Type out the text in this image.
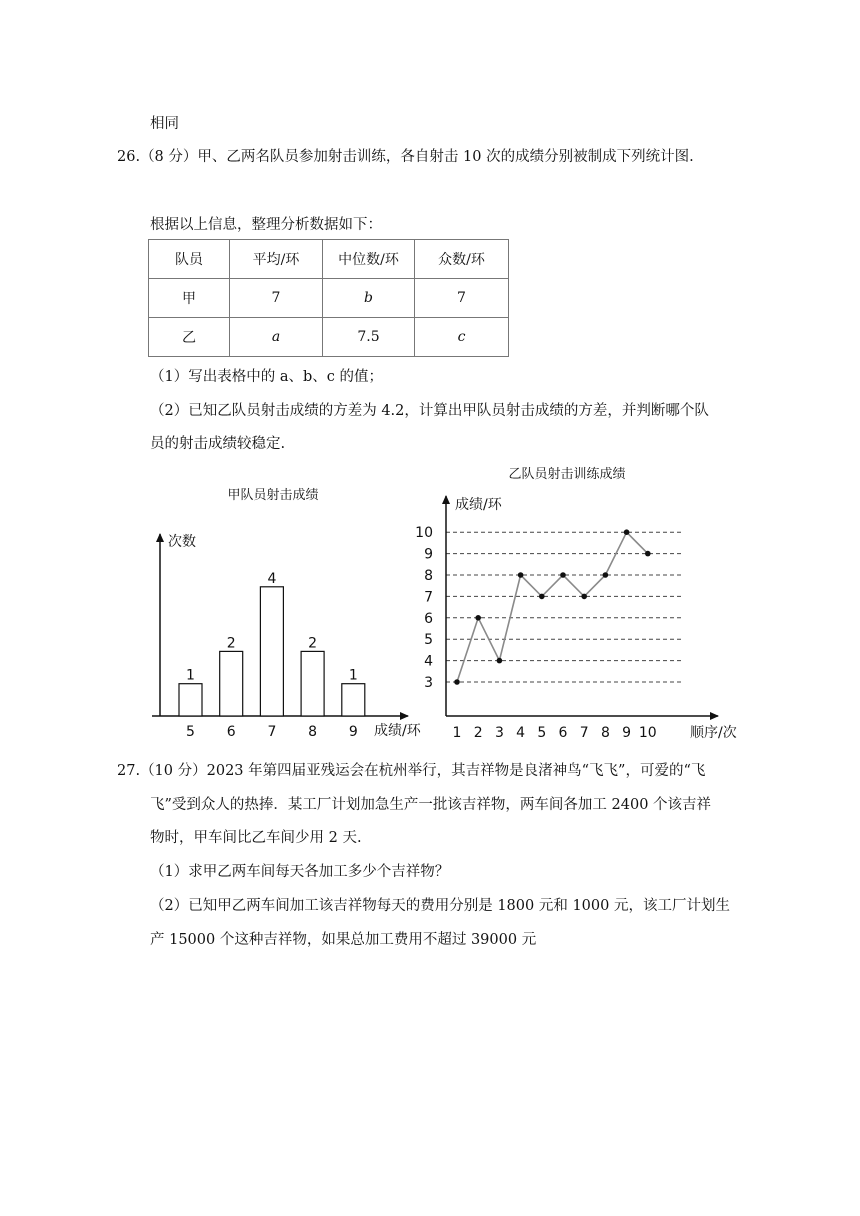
相同
26.（8 分）甲、乙两名队员参加射击训练，各自射击 10 次的成绩分别被制成下列统计图.
根据以上信息，整理分析数据如下：
队员	平均/环	中位数/环	众数/环
甲	7	b	7
乙	a	7.5	c
（1）写出表格中的 a、b、c 的值；
（2）已知乙队员射击成绩的方差为 4.2，计算出甲队员射击成绩的方差，并判断哪个队
员的射击成绩较稳定.
甲队员射击成绩
次数
成绩/环
1
5
2
6
4
7
2
8
1
9
乙队员射击训练成绩
3
4
5
6
7
8
9
10
成绩/环
顺序/次
1 2 3 4 5 6 7 8 9 10
27.（10 分）2023 年第四届亚残运会在杭州举行，其吉祥物是良渚神鸟“飞飞”，可爱的“飞
飞”受到众人的热捧．某工厂计划加急生产一批该吉祥物，两车间各加工 2400 个该吉祥
物时，甲车间比乙车间少用 2 天.
（1）求甲乙两车间每天各加工多少个吉祥物？
（2）已知甲乙两车间加工该吉祥物每天的费用分别是 1800 元和 1000 元，该工厂计划生
产 15000 个这种吉祥物，如果总加工费用不超过 39000 元
